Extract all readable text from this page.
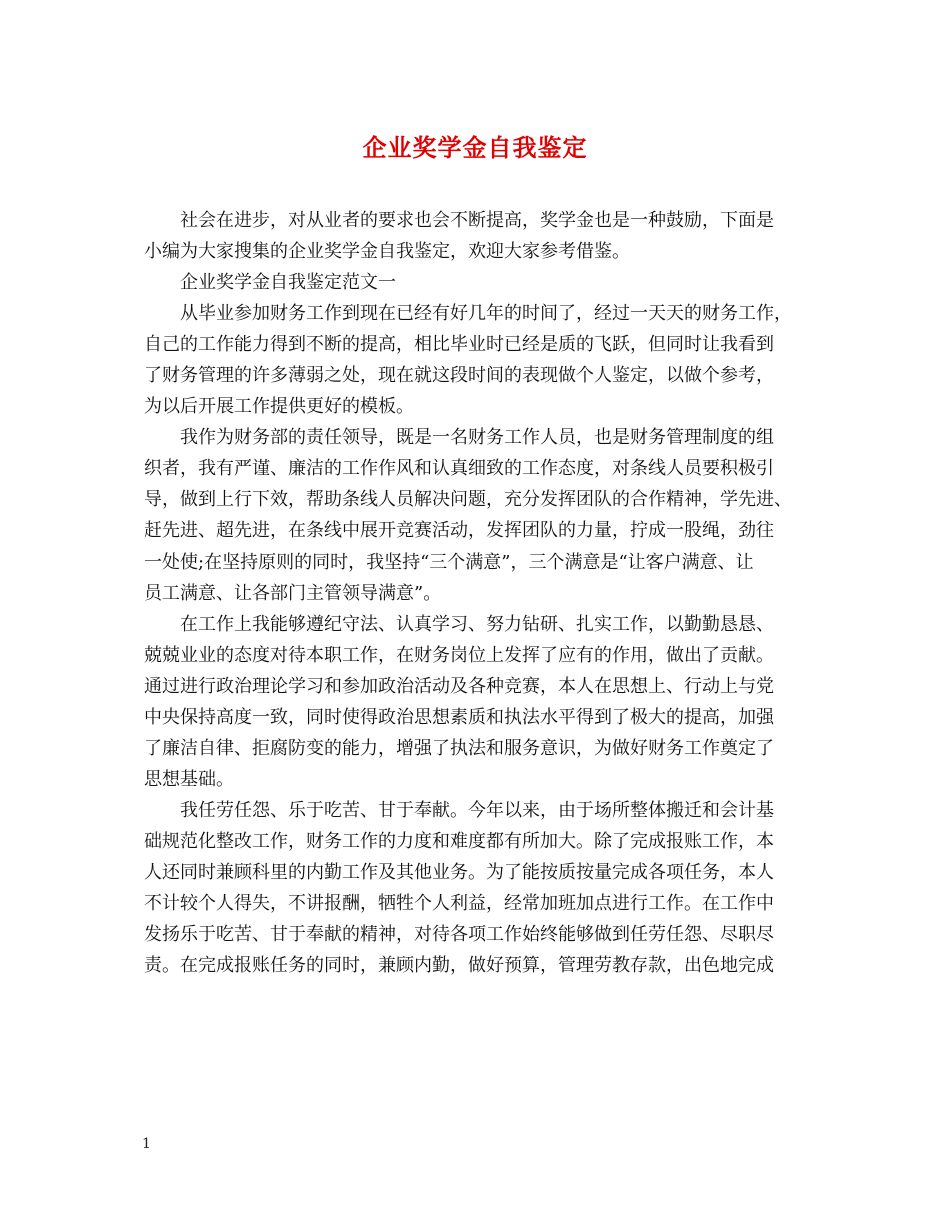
企业奖学金自我鉴定
社会在进步，对从业者的要求也会不断提高，奖学金也是一种鼓励，下面是
小编为大家搜集的企业奖学金自我鉴定，欢迎大家参考借鉴。
企业奖学金自我鉴定范文一
从毕业参加财务工作到现在已经有好几年的时间了，经过一天天的财务工作，
自己的工作能力得到不断的提高，相比毕业时已经是质的飞跃，但同时让我看到
了财务管理的许多薄弱之处，现在就这段时间的表现做个人鉴定，以做个参考，
为以后开展工作提供更好的模板。
我作为财务部的责任领导，既是一名财务工作人员，也是财务管理制度的组
织者，我有严谨、廉洁的工作作风和认真细致的工作态度，对条线人员要积极引
导，做到上行下效，帮助条线人员解决问题，充分发挥团队的合作精神，学先进、
赶先进、超先进，在条线中展开竞赛活动，发挥团队的力量，拧成一股绳，劲往
一处使;在坚持原则的同时，我坚持“三个满意”，三个满意是“让客户满意、让
员工满意、让各部门主管领导满意”。
在工作上我能够遵纪守法、认真学习、努力钻研、扎实工作，以勤勤恳恳、
兢兢业业的态度对待本职工作，在财务岗位上发挥了应有的作用，做出了贡献。
通过进行政治理论学习和参加政治活动及各种竞赛，本人在思想上、行动上与党
中央保持高度一致，同时使得政治思想素质和执法水平得到了极大的提高，加强
了廉洁自律、拒腐防变的能力，增强了执法和服务意识，为做好财务工作奠定了
思想基础。
我任劳任怨、乐于吃苦、甘于奉献。今年以来，由于场所整体搬迁和会计基
础规范化整改工作，财务工作的力度和难度都有所加大。除了完成报账工作，本
人还同时兼顾科里的内勤工作及其他业务。为了能按质按量完成各项任务，本人
不计较个人得失，不讲报酬，牺牲个人利益，经常加班加点进行工作。在工作中
发扬乐于吃苦、甘于奉献的精神，对待各项工作始终能够做到任劳任怨、尽职尽
责。在完成报账任务的同时，兼顾内勤，做好预算，管理劳教存款，出色地完成
1
